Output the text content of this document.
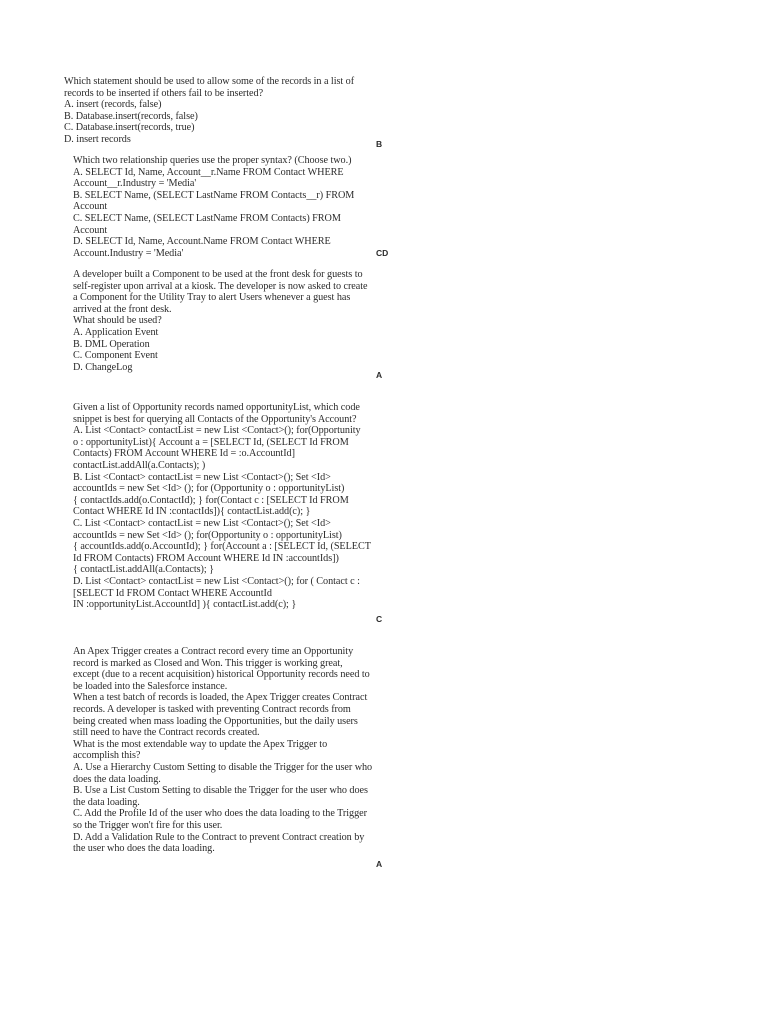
Which statement should be used to allow some of the records in a list of
records to be inserted if others fail to be inserted?
A. insert (records, false)
B. Database.insert(records, false)
C. Database.insert(records, true)
D. insert records	B
Which two relationship queries use the proper syntax? (Choose two.)
A. SELECT Id, Name, Account__r.Name FROM Contact WHERE
Account__r.Industry = 'Media'
B. SELECT Name, (SELECT LastName FROM Contacts__r) FROM
Account
C. SELECT Name, (SELECT LastName FROM Contacts) FROM
Account
D. SELECT Id, Name, Account.Name FROM Contact WHERE
Account.Industry = 'Media'	CD
A developer built a Component to be used at the front desk for guests to
self-register upon arrival at a kiosk. The developer is now asked to create
a Component for the Utility Tray to alert Users whenever a guest has
arrived at the front desk.
What should be used?
A. Application Event
B. DML Operation
C. Component Event
D. ChangeLog
A
Given a list of Opportunity records named opportunityList, which code
snippet is best for querying all Contacts of the Opportunity's Account?
A. List <Contact> contactList = new List <Contact>(); for(Opportunity
o : opportunityList){ Account a = [SELECT Id, (SELECT Id FROM
Contacts) FROM Account WHERE Id = :o.AccountId]
contactList.addAll(a.Contacts); )
B. List <Contact> contactList = new List <Contact>(); Set <Id>
accountIds = new Set <Id> (); for (Opportunity o : opportunityList)
{ contactIds.add(o.ContactId); } for(Contact c : [SELECT Id FROM
Contact WHERE Id IN :contactIds]){ contactList.add(c); }
C. List <Contact> contactList = new List <Contact>(); Set <Id>
accountIds = new Set <Id> (); for(Opportunity o : opportunityList)
{ accountIds.add(o.AccountId); } for(Account a : [SELECT Id, (SELECT
Id FROM Contacts) FROM Account WHERE Id IN :accountIds])
{ contactList.addAll(a.Contacts); }
D. List <Contact> contactList = new List <Contact>(); for ( Contact c :
[SELECT Id FROM Contact WHERE AccountId
IN :opportunityList.AccountId] ){ contactList.add(c); }
C
An Apex Trigger creates a Contract record every time an Opportunity
record is marked as Closed and Won. This trigger is working great,
except (due to a recent acquisition) historical Opportunity records need to
be loaded into the Salesforce instance.
When a test batch of records is loaded, the Apex Trigger creates Contract
records. A developer is tasked with preventing Contract records from
being created when mass loading the Opportunities, but the daily users
still need to have the Contract records created.
What is the most extendable way to update the Apex Trigger to
accomplish this?
A. Use a Hierarchy Custom Setting to disable the Trigger for the user who
does the data loading.
B. Use a List Custom Setting to disable the Trigger for the user who does
the data loading.
C. Add the Profile Id of the user who does the data loading to the Trigger
so the Trigger won't fire for this user.
D. Add a Validation Rule to the Contract to prevent Contract creation by
the user who does the data loading.
A
